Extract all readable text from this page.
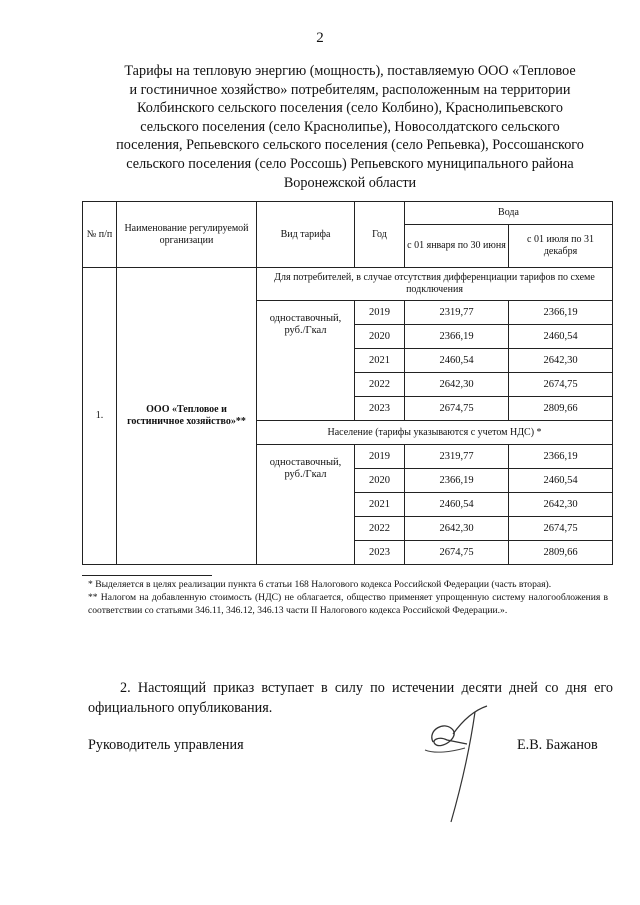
2
Тарифы на тепловую энергию (мощность), поставляемую ООО «Тепловое
и гостиничное хозяйство» потребителям, расположенным на территории
Колбинского сельского поселения (село Колбино), Краснолипьевского
сельского поселения (село Краснолипье), Новосолдатского сельского
поселения, Репьевского сельского поселения (село Репьевка), Россошанского
сельского поселения (село Россошь) Репьевского муниципального района
Воронежской области
№ п/п	Наименование регулируемой организации	Вид тарифа	Год	Вода	
				с 01 января по 30 июня	с 01 июля по 31 декабря
1.	ООО «Тепловое и гостиничное хозяйство»**	Для потребителей, в случае отсутствия дифференциации тарифов по схеме подключения			
		одноставочный, руб./Гкал	2019	2319,77	2366,19
			2020	2366,19	2460,54
			2021	2460,54	2642,30
			2022	2642,30	2674,75
			2023	2674,75	2809,66
		Население (тарифы указываются с учетом НДС) *			
		одноставочный, руб./Гкал	2019	2319,77	2366,19
			2020	2366,19	2460,54
			2021	2460,54	2642,30
			2022	2642,30	2674,75
			2023	2674,75	2809,66

* Выделяется в целях реализации пункта 6 статьи 168 Налогового кодекса Российской Федерации (часть вторая).

** Налогом на добавленную стоимость (НДС) не облагается, общество применяет упрощенную систему налогообложения в соответствии со статьями 346.11, 346.12, 346.13 части II Налогового кодекса Российской Федерации.».

2. Настоящий приказ вступает в силу по истечении десяти дней со дня его официального опубликования.

Руководитель управления	Е.В. Бажанов
